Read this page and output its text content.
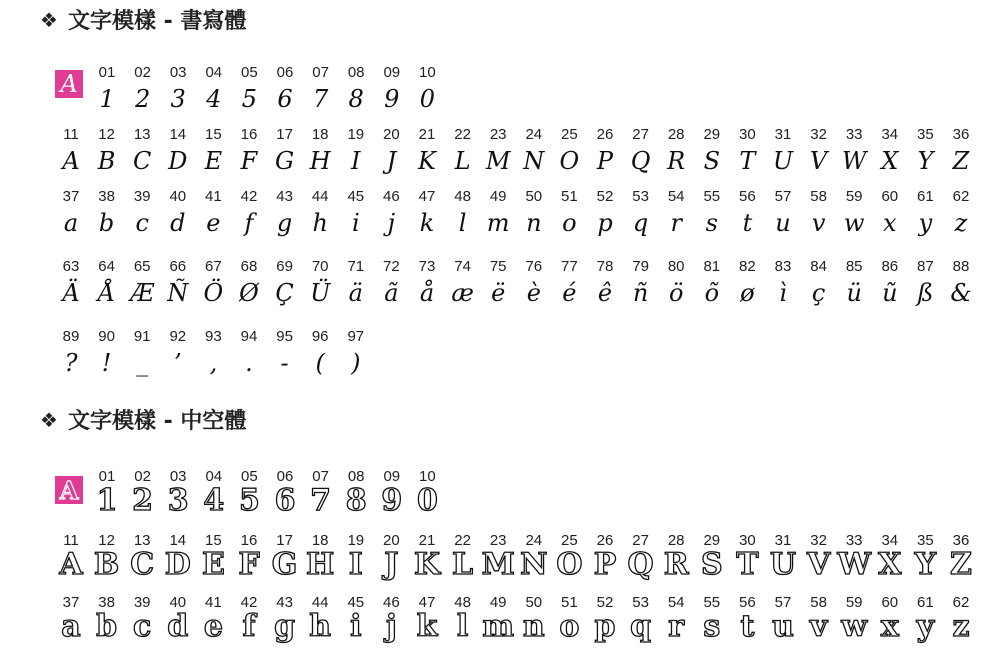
❖ 文字模樣 - 書寫體
A	01
1
02
2
03
3
04
4
05
5
06
6
07
7
08
8
09
9
10
0
11
A
12
B
13
C
14
D
15
E
16
F
17
G
18
H
19
I
20
J
21
K
22
L
23
M
24
N
25
O
26
P
27
Q
28
R
29
S
30
T
31
U
32
V
33
W
34
X
35
Y
36
Z
37
a
38
b
39
c
40
d
41
e
42
f
43
g
44
h
45
i
46
j
47
k
48
l
49
m
50
n
51
o
52
p
53
q
54
r
55
s
56
t
57
u
58
v
59
w
60
x
61
y
62
z
63
Ä
64
Å
65
Æ
66
Ñ
67
Ö
68
Ø
69
Ç
70
Ü
71
ä
72
ã
73
å
74
æ
75
ë
76
è
77
é
78
ê
79
ñ
80
ö
81
õ
82
ø
83
ì
84
ç
85
ü
86
ũ
87
ß
88
&
89
?
90
!
91
_
92
’
93
,
94
.
95
-
96
(
97
)
❖ 文字模樣 - 中空體
A	01
1
02
2
03
3
04
4
05
5
06
6
07
7
08
8
09
9
10
0
11
A
12
B
13
C
14
D
15
E
16
F
17
G
18
H
19
I
20
J
21
K
22
L
23
M
24
N
25
O
26
P
27
Q
28
R
29
S
30
T
31
U
32
V
33
W
34
X
35
Y
36
Z
37
a
38
b
39
c
40
d
41
e
42
f
43
g
44
h
45
i
46
j
47
k
48
l
49
m
50
n
51
o
52
p
53
q
54
r
55
s
56
t
57
u
58
v
59
w
60
x
61
y
62
z
